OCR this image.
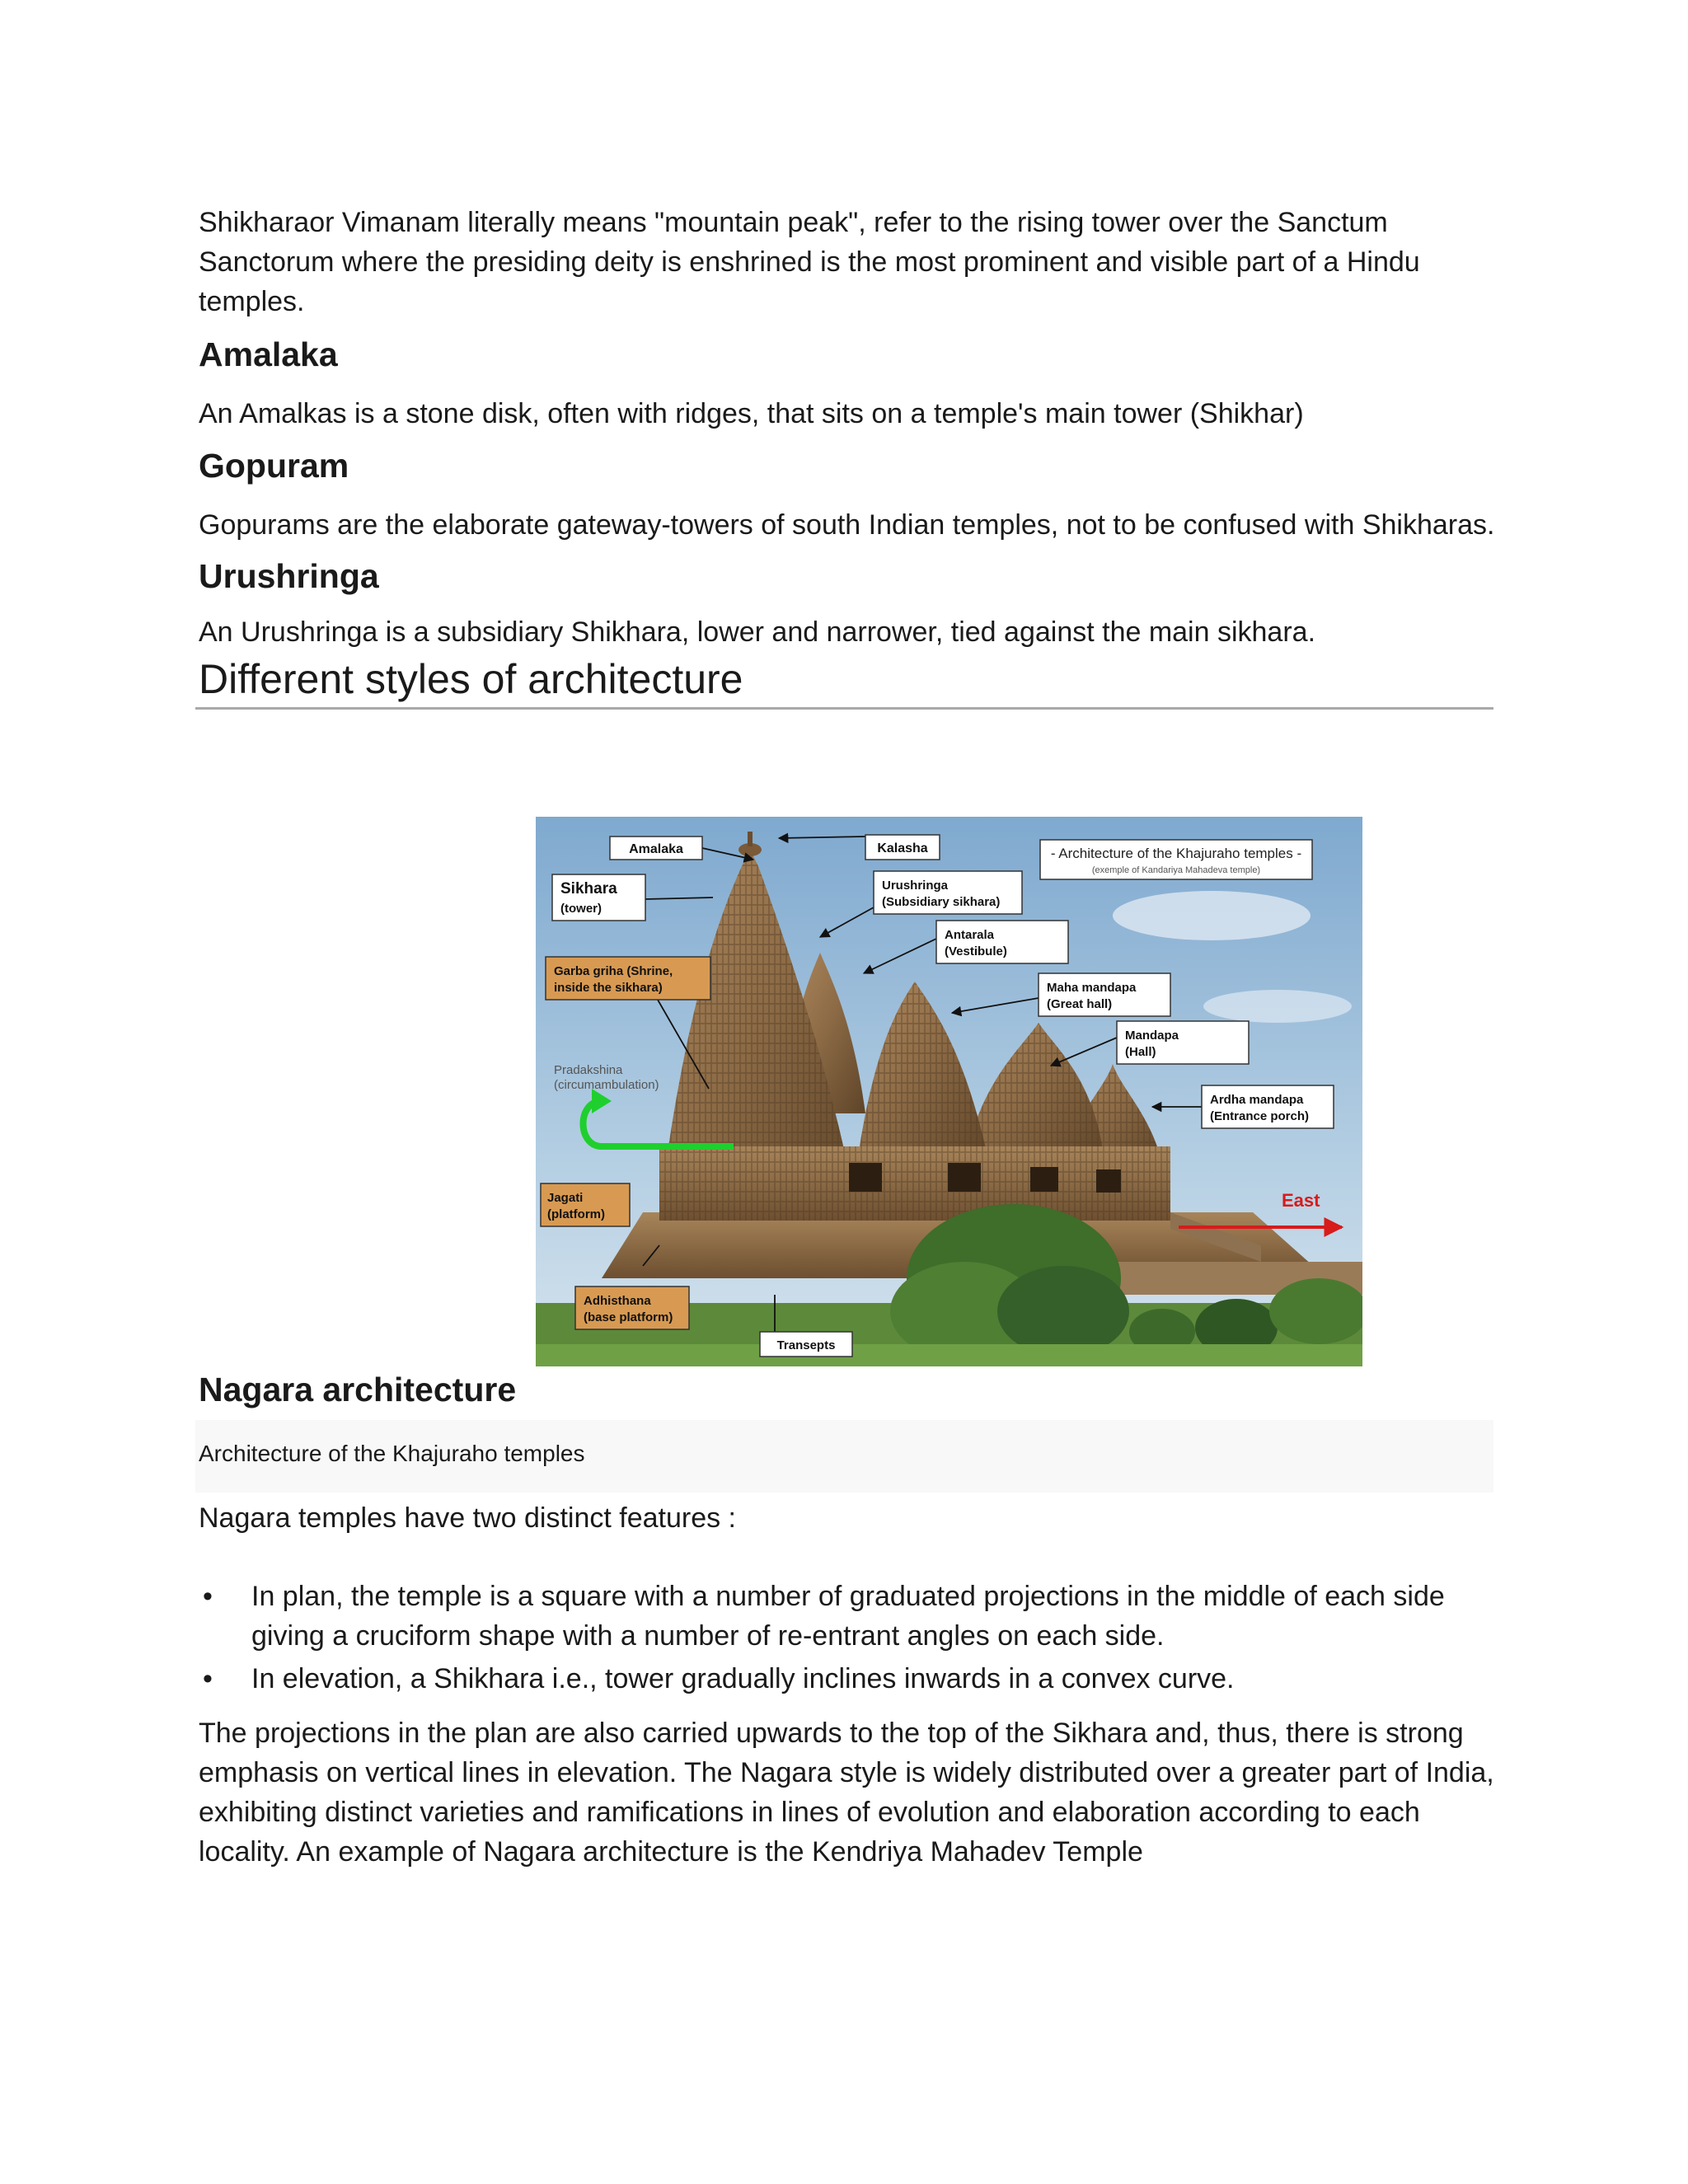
Shikharaor Vimanam literally means "mountain peak", refer to the rising tower over the Sanctum Sanctorum where the presiding deity is enshrined is the most prominent and visible part of a Hindu temples.

Amalaka

An Amalkas is a stone disk, often with ridges, that sits on a temple's main tower (Shikhar)

Gopuram

Gopurams are the elaborate gateway-towers of south Indian temples, not to be confused with Shikharas.

Urushringa

An Urushringa is a subsidiary Shikhara, lower and narrower, tied against the main sikhara.

Different styles of architecture
Amalaka	Kalasha	- Architecture of the Khajuraho temples -
(exemple of Kandariya Mahadeva temple)
Sikhara
(tower)
Urushringa
(Subsidiary sikhara)
Antarala
(Vestibule)
Garba griha (Shrine,
inside the sikhara)	Maha mandapa
(Great hall)
Mandapa
(Hall)
Pradakshina
(circumambulation)
Ardha mandapa
(Entrance porch)
Jagati
(platform)
East
Adhisthana
(base platform)
Transepts
Nagara architecture
Architecture of the Khajuraho temples

Nagara temples have two distinct features :

• In plan, the temple is a square with a number of graduated projections in the middle of each side giving a cruciform shape with a number of re-entrant angles on each side.
• In elevation, a Shikhara i.e., tower gradually inclines inwards in a convex curve.

The projections in the plan are also carried upwards to the top of the Sikhara and, thus, there is strong emphasis on vertical lines in elevation. The Nagara style is widely distributed over a greater part of India, exhibiting distinct varieties and ramifications in lines of evolution and elaboration according to each locality. An example of Nagara architecture is the Kendriya Mahadev Temple
